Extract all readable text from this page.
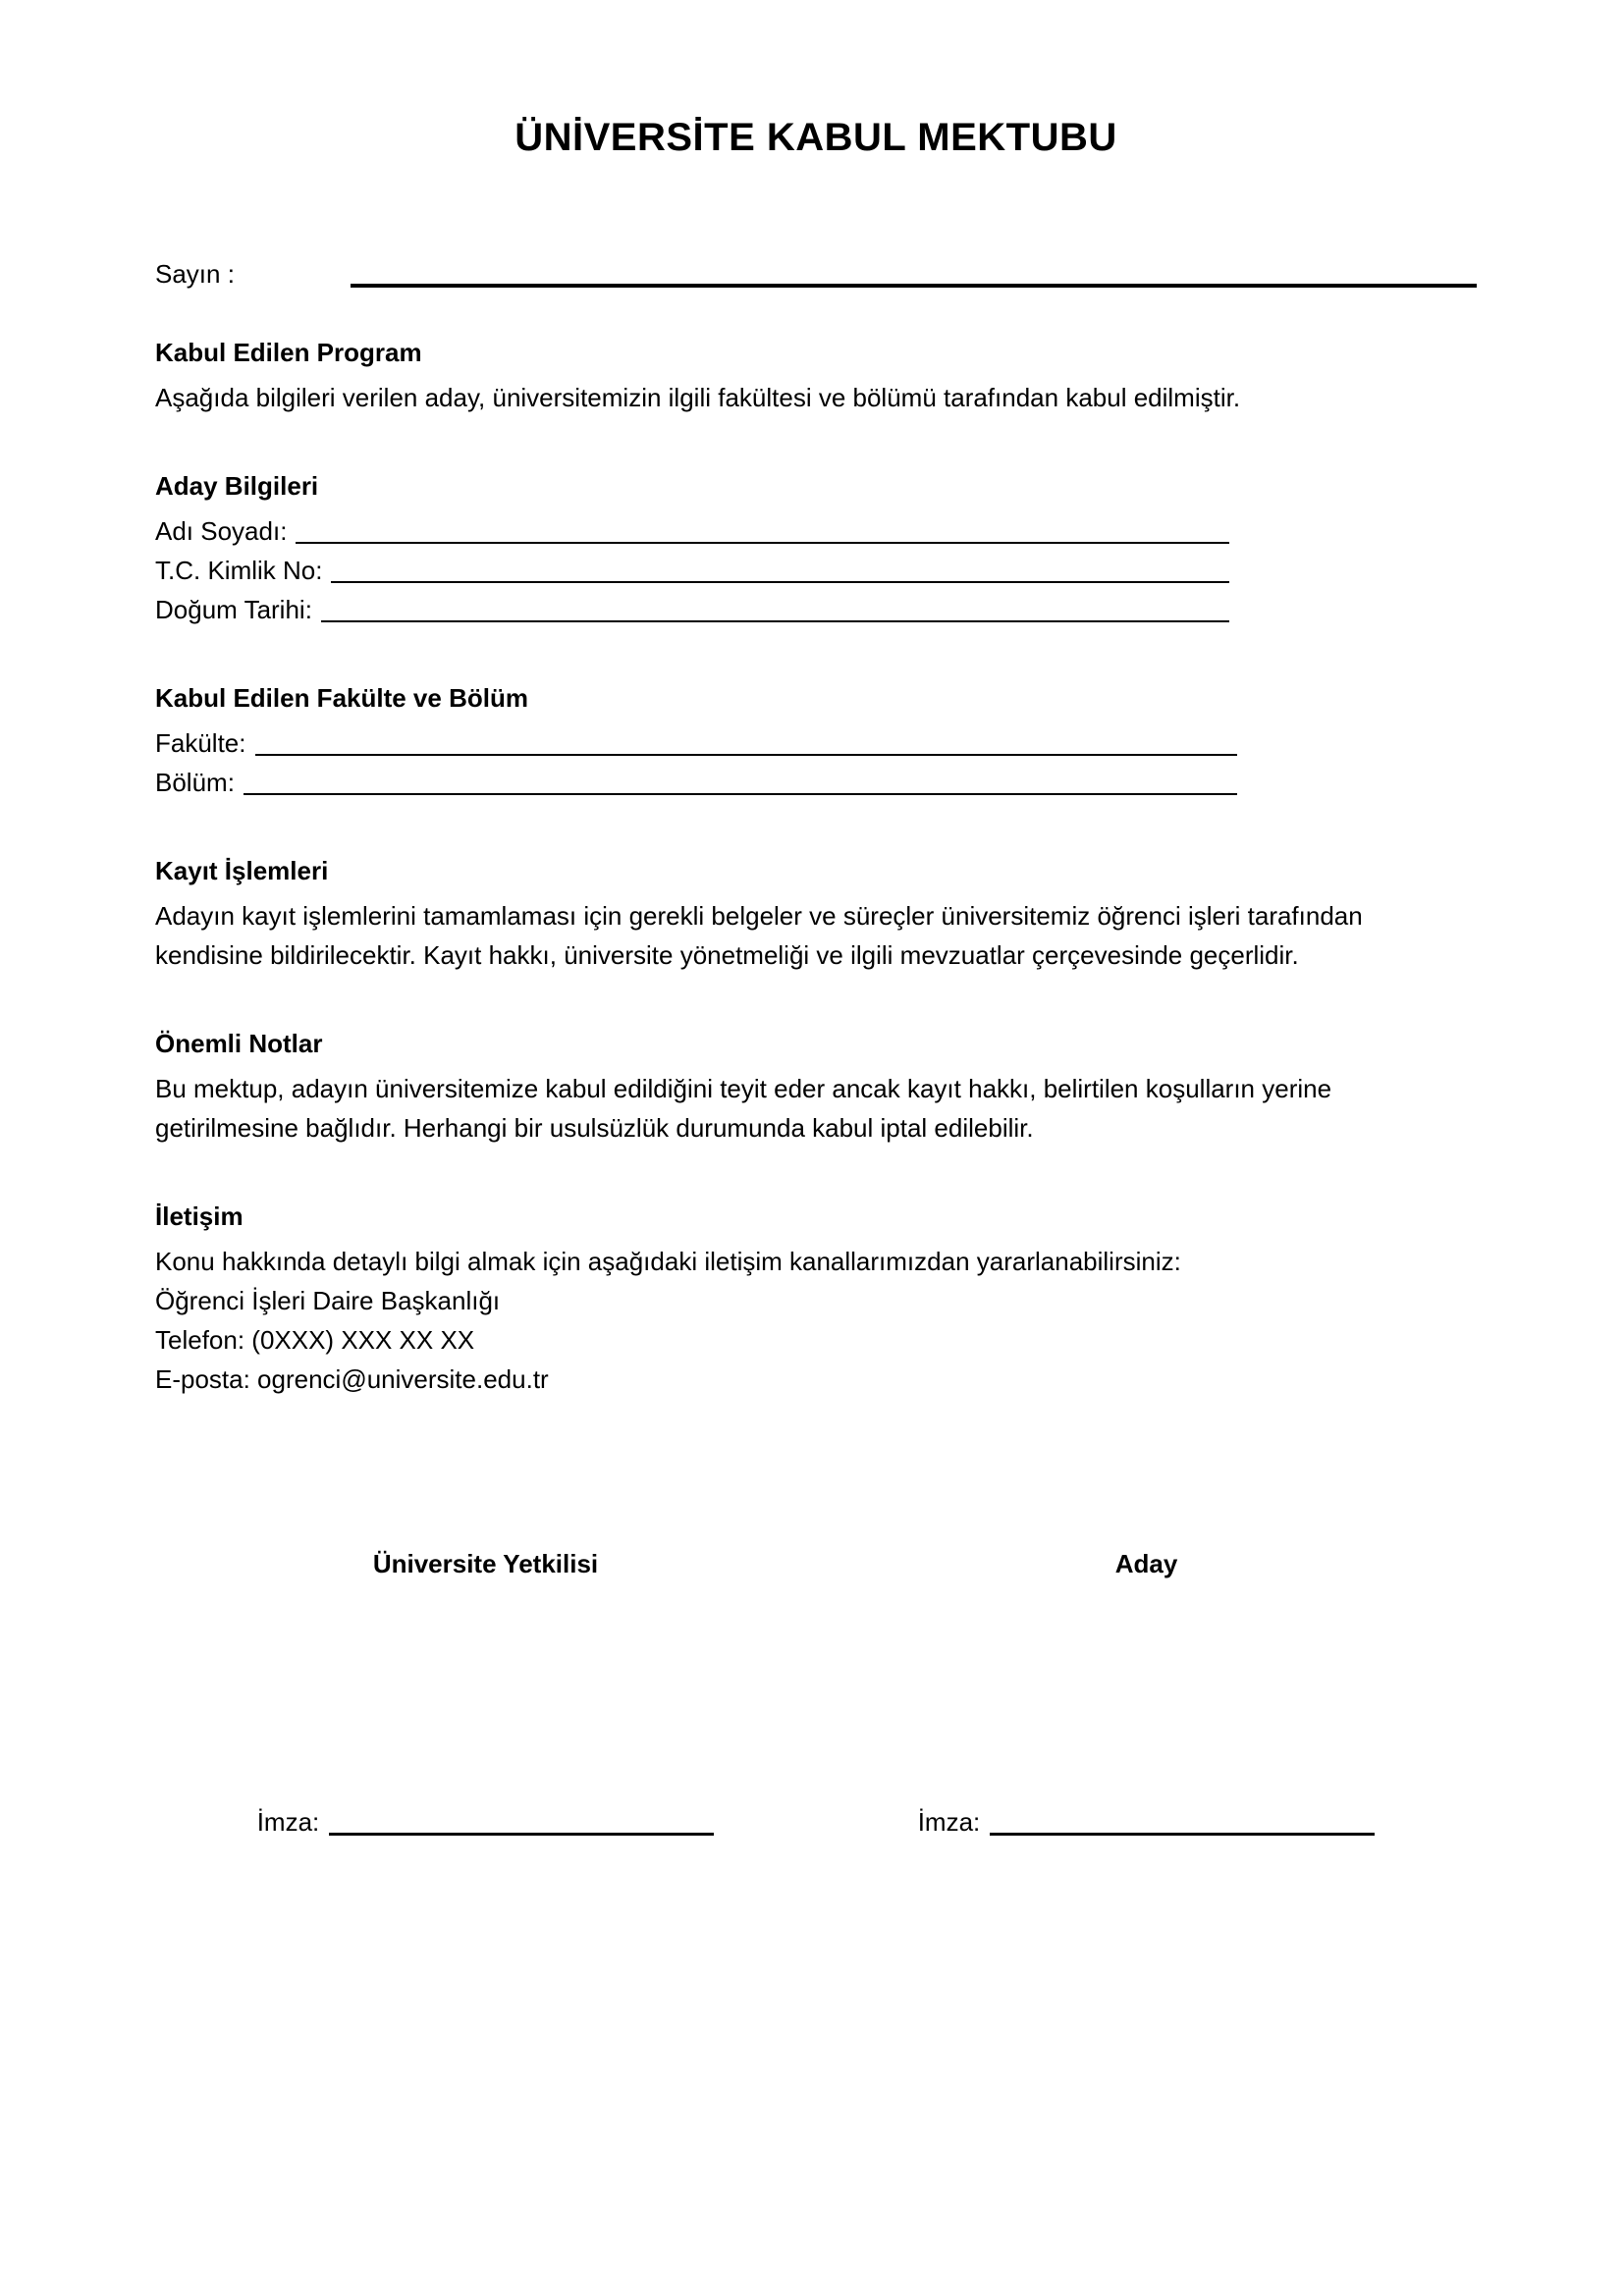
ÜNİVERSİTE KABUL MEKTUBU
Sayın :
Kabul Edilen Program

Aşağıda bilgileri verilen aday, üniversitemizin ilgili fakültesi ve bölümü tarafından kabul edilmiştir.

Aday Bilgileri
Adı Soyadı:
T.C. Kimlik No:
Doğum Tarihi:
Kabul Edilen Fakülte ve Bölüm
Fakülte:
Bölüm:
Kayıt İşlemleri

Adayın kayıt işlemlerini tamamlaması için gerekli belgeler ve süreçler üniversitemiz öğrenci işleri tarafından kendisine bildirilecektir. Kayıt hakkı, üniversite yönetmeliği ve ilgili mevzuatlar çerçevesinde geçerlidir.

Önemli Notlar

Bu mektup, adayın üniversitemize kabul edildiğini teyit eder ancak kayıt hakkı, belirtilen koşulların yerine getirilmesine bağlıdır. Herhangi bir usulsüzlük durumunda kabul iptal edilebilir.

İletişim

Konu hakkında detaylı bilgi almak için aşağıdaki iletişim kanallarımızdan yararlanabilirsiniz:

Öğrenci İşleri Daire Başkanlığı

Telefon: (0XXX) XXX XX XX

E-posta: ogrenci@universite.edu.tr

Üniversite Yetkilisi	Aday
İmza:	İmza:
